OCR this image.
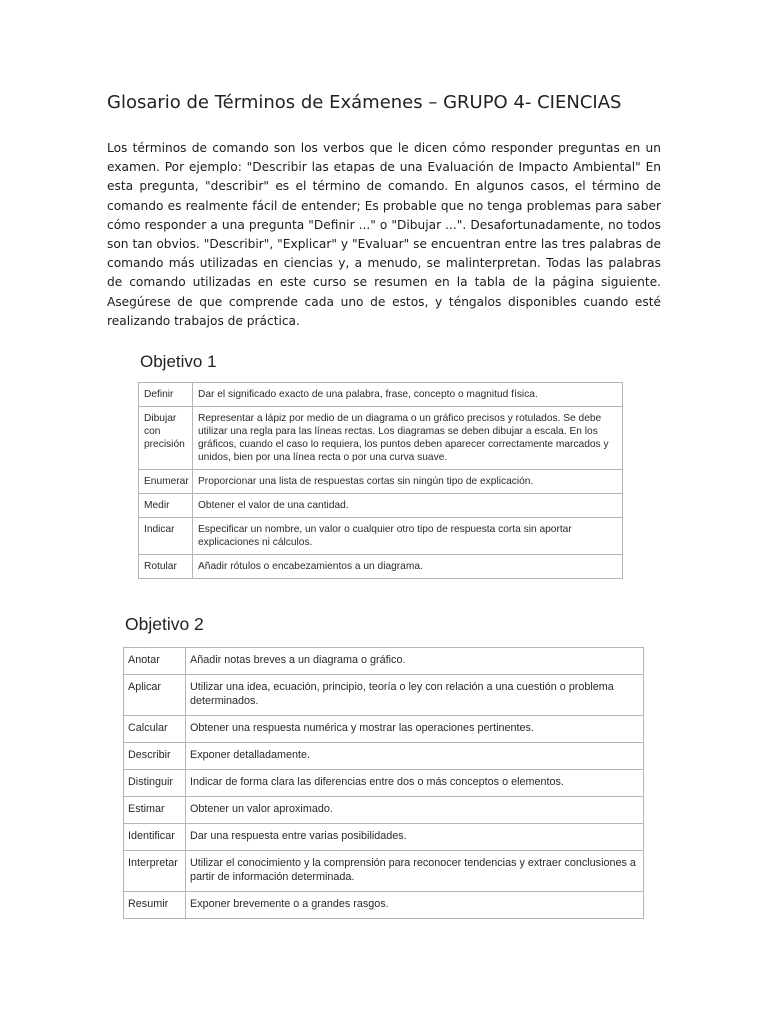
Glosario de Términos de Exámenes – GRUPO 4- CIENCIAS

Los términos de comando son los verbos que le dicen cómo responder preguntas en un examen. Por ejemplo: "Describir las etapas de una Evaluación de Impacto Ambiental" En esta pregunta, "describir" es el término de comando. En algunos casos, el término de comando es realmente fácil de entender; Es probable que no tenga problemas para saber cómo responder a una pregunta "Definir ..." o "Dibujar ...". Desafortunadamente, no todos son tan obvios. "Describir", "Explicar" y "Evaluar" se encuentran entre las tres palabras de comando más utilizadas en ciencias y, a menudo, se malinterpretan. Todas las palabras de comando utilizadas en este curso se resumen en la tabla de la página siguiente. Asegúrese de que comprende cada uno de estos, y téngalos disponibles cuando esté realizando trabajos de práctica.

Objetivo 1
Definir	Dar el significado exacto de una palabra, frase, concepto o magnitud física.
Dibujar con precisión	Representar a lápiz por medio de un diagrama o un gráfico precisos y rotulados. Se debe utilizar una regla para las líneas rectas. Los diagramas se deben dibujar a escala. En los gráficos, cuando el caso lo requiera, los puntos deben aparecer correctamente marcados y unidos, bien por una línea recta o por una curva suave.
Enumerar	Proporcionar una lista de respuestas cortas sin ningún tipo de explicación.
Medir	Obtener el valor de una cantidad.
Indicar	Especificar un nombre, un valor o cualquier otro tipo de respuesta corta sin aportar explicaciones ni cálculos.
Rotular	Añadir rótulos o encabezamientos a un diagrama.
Objetivo 2
Anotar	Añadir notas breves a un diagrama o gráfico.
Aplicar	Utilizar una idea, ecuación, principio, teoría o ley con relación a una cuestión o problema determinados.
Calcular	Obtener una respuesta numérica y mostrar las operaciones pertinentes.
Describir	Exponer detalladamente.
Distinguir	Indicar de forma clara las diferencias entre dos o más conceptos o elementos.
Estimar	Obtener un valor aproximado.
Identificar	Dar una respuesta entre varias posibilidades.
Interpretar	Utilizar el conocimiento y la comprensión para reconocer tendencias y extraer conclusiones a partir de información determinada.
Resumir	Exponer brevemente o a grandes rasgos.
